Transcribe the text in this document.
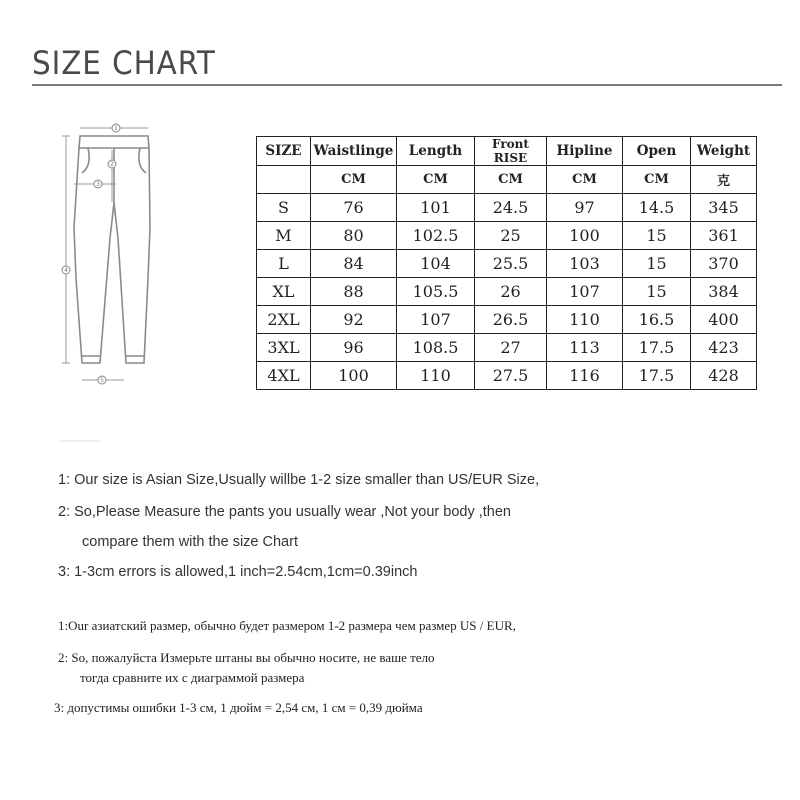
SIZE CHART
1
2
3
4
5
SIZE	Waistlinge	Length	Front RISE	Hipline	Open	Weight
	CM	CM	CM	CM	CM	克
S	76	101	24.5	97	14.5	345
M	80	102.5	25	100	15	361
L	84	104	25.5	103	15	370
XL	88	105.5	26	107	15	384
2XL	92	107	26.5	110	16.5	400
3XL	96	108.5	27	113	17.5	423
4XL	100	110	27.5	116	17.5	428
1: Our size is Asian Size,Usually willbe 1-2 size smaller than US/EUR Size,
2: So,Please Measure the pants you usually wear ,Not your body ,then
compare them with the size Chart
3: 1-3cm errors is allowed,1 inch=2.54cm,1cm=0.39inch
1:Our азиатский размер, обычно будет размером 1-2 размера чем размер US / EUR,
2: So, пожалуйста Измерьте штаны вы обычно носите, не ваше тело
тогда сравните их с диаграммой размера
3: допустимы ошибки 1-3 см, 1 дюйм = 2,54 см, 1 см = 0,39 дюйма
